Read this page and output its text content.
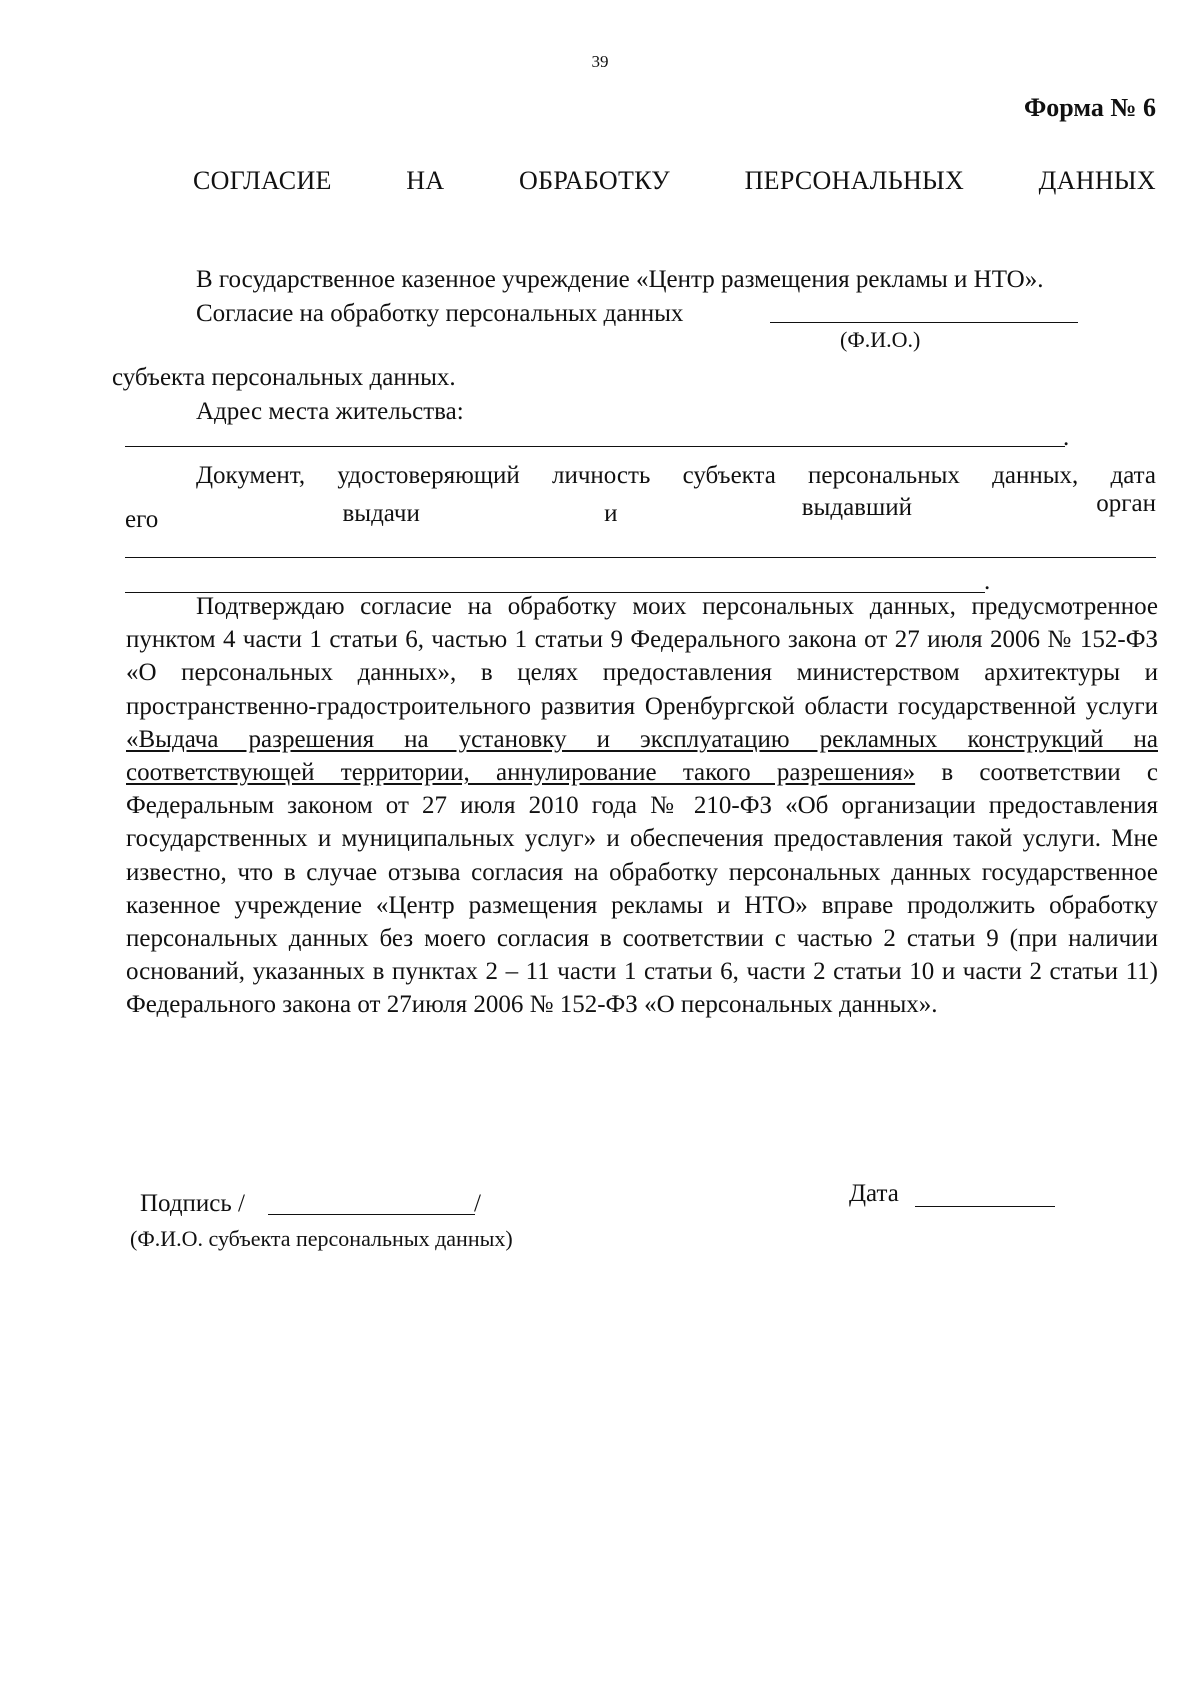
39
Форма № 6
СОГЛАСИЕ	НА	ОБРАБОТКУ	ПЕРСОНАЛЬНЫХ	ДАННЫХ
В государственное казенное учреждение «Центр размещения рекламы и НТО».
Согласие на обработку персональных данных
(Ф.И.О.)
субъекта персональных данных.
Адрес места жительства:
.
Документ, удостоверяющий личность субъекта персональных данных, дата
его	выдачи	и	выдавший	орган
.
Подтверждаю согласие на обработку моих персональных данных, предусмотренное пунктом 4 части 1 статьи 6, частью 1 статьи 9 Федерального закона от 27 июля 2006 № 152-ФЗ «О персональных данных», в целях предоставления министерством архитектуры и пространственно-градостроительного развития Оренбургской области государственной услуги «Выдача разрешения на установку и эксплуатацию рекламных конструкций на соответствующей территории, аннулирование такого разрешения» в соответствии с Федеральным законом от 27 июля 2010 года № 210-ФЗ «Об организации предоставления государственных и муниципальных услуг» и обеспечения предоставления такой услуги. Мне известно, что в случае отзыва согласия на обработку персональных данных государственное казенное учреждение «Центр размещения рекламы и НТО» вправе продолжить обработку персональных данных без моего согласия в соответствии с частью 2 статьи 9 (при наличии оснований, указанных в пунктах 2 – 11 части 1 статьи 6, части 2 статьи 10 и части 2 статьи 11) Федерального закона от 27июля 2006 № 152-ФЗ «О персональных данных».
Подпись /	/
(Ф.И.О. субъекта персональных данных)
Дата
